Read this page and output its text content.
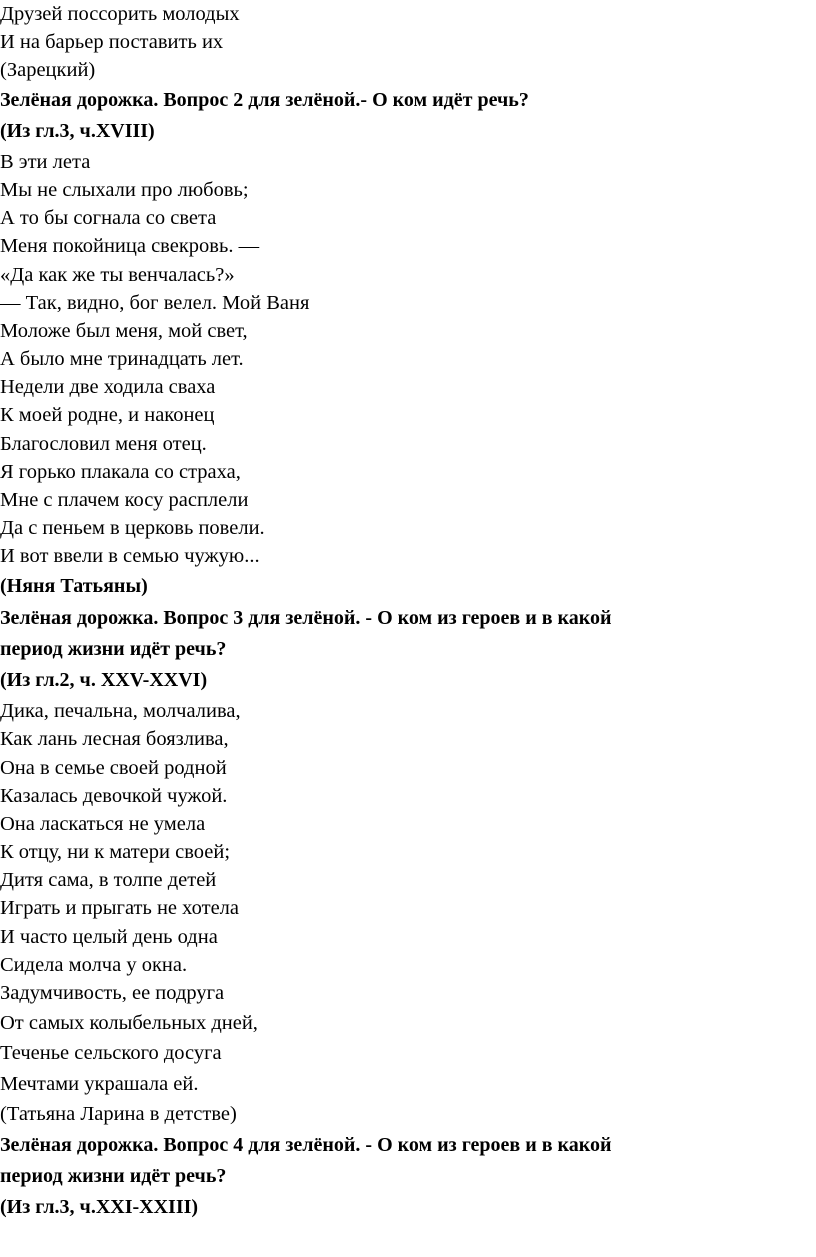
Друзей поссорить молодых

И на барьер поставить их

(Зарецкий)

Зелёная дорожка. Вопрос 2 для зелёной.- О ком идёт речь?

(Из гл.3, ч.XVIII)

В эти лета

Мы не слыхали про любовь;

А то бы согнала со света

Меня покойница свекровь. —

«Да как же ты венчалась?»

— Так, видно, бог велел. Мой Ваня

Моложе был меня, мой свет,

А было мне тринадцать лет.

Недели две ходила сваха

К моей родне, и наконец

Благословил меня отец.

Я горько плакала со страха,

Мне с плачем косу расплели

Да с пеньем в церковь повели.

И вот ввели в семью чужую...

(Няня Татьяны)

Зелёная дорожка. Вопрос 3 для зелёной. - О ком из героев и в какой

период жизни идёт речь?

(Из гл.2, ч. XXV-XXVI)

Дика, печальна, молчалива,

Как лань лесная боязлива,

Она в семье своей родной

Казалась девочкой чужой.

Она ласкаться не умела

К отцу, ни к матери своей;

Дитя сама, в толпе детей

Играть и прыгать не хотела

И часто целый день одна

Сидела молча у окна.

Задумчивость, ее подруга

От самых колыбельных дней,

Теченье сельского досуга

Мечтами украшала ей.

(Татьяна Ларина в детстве)

Зелёная дорожка. Вопрос 4 для зелёной. - О ком из героев и в какой

период жизни идёт речь?

(Из гл.3, ч.XXI-XXIII)
